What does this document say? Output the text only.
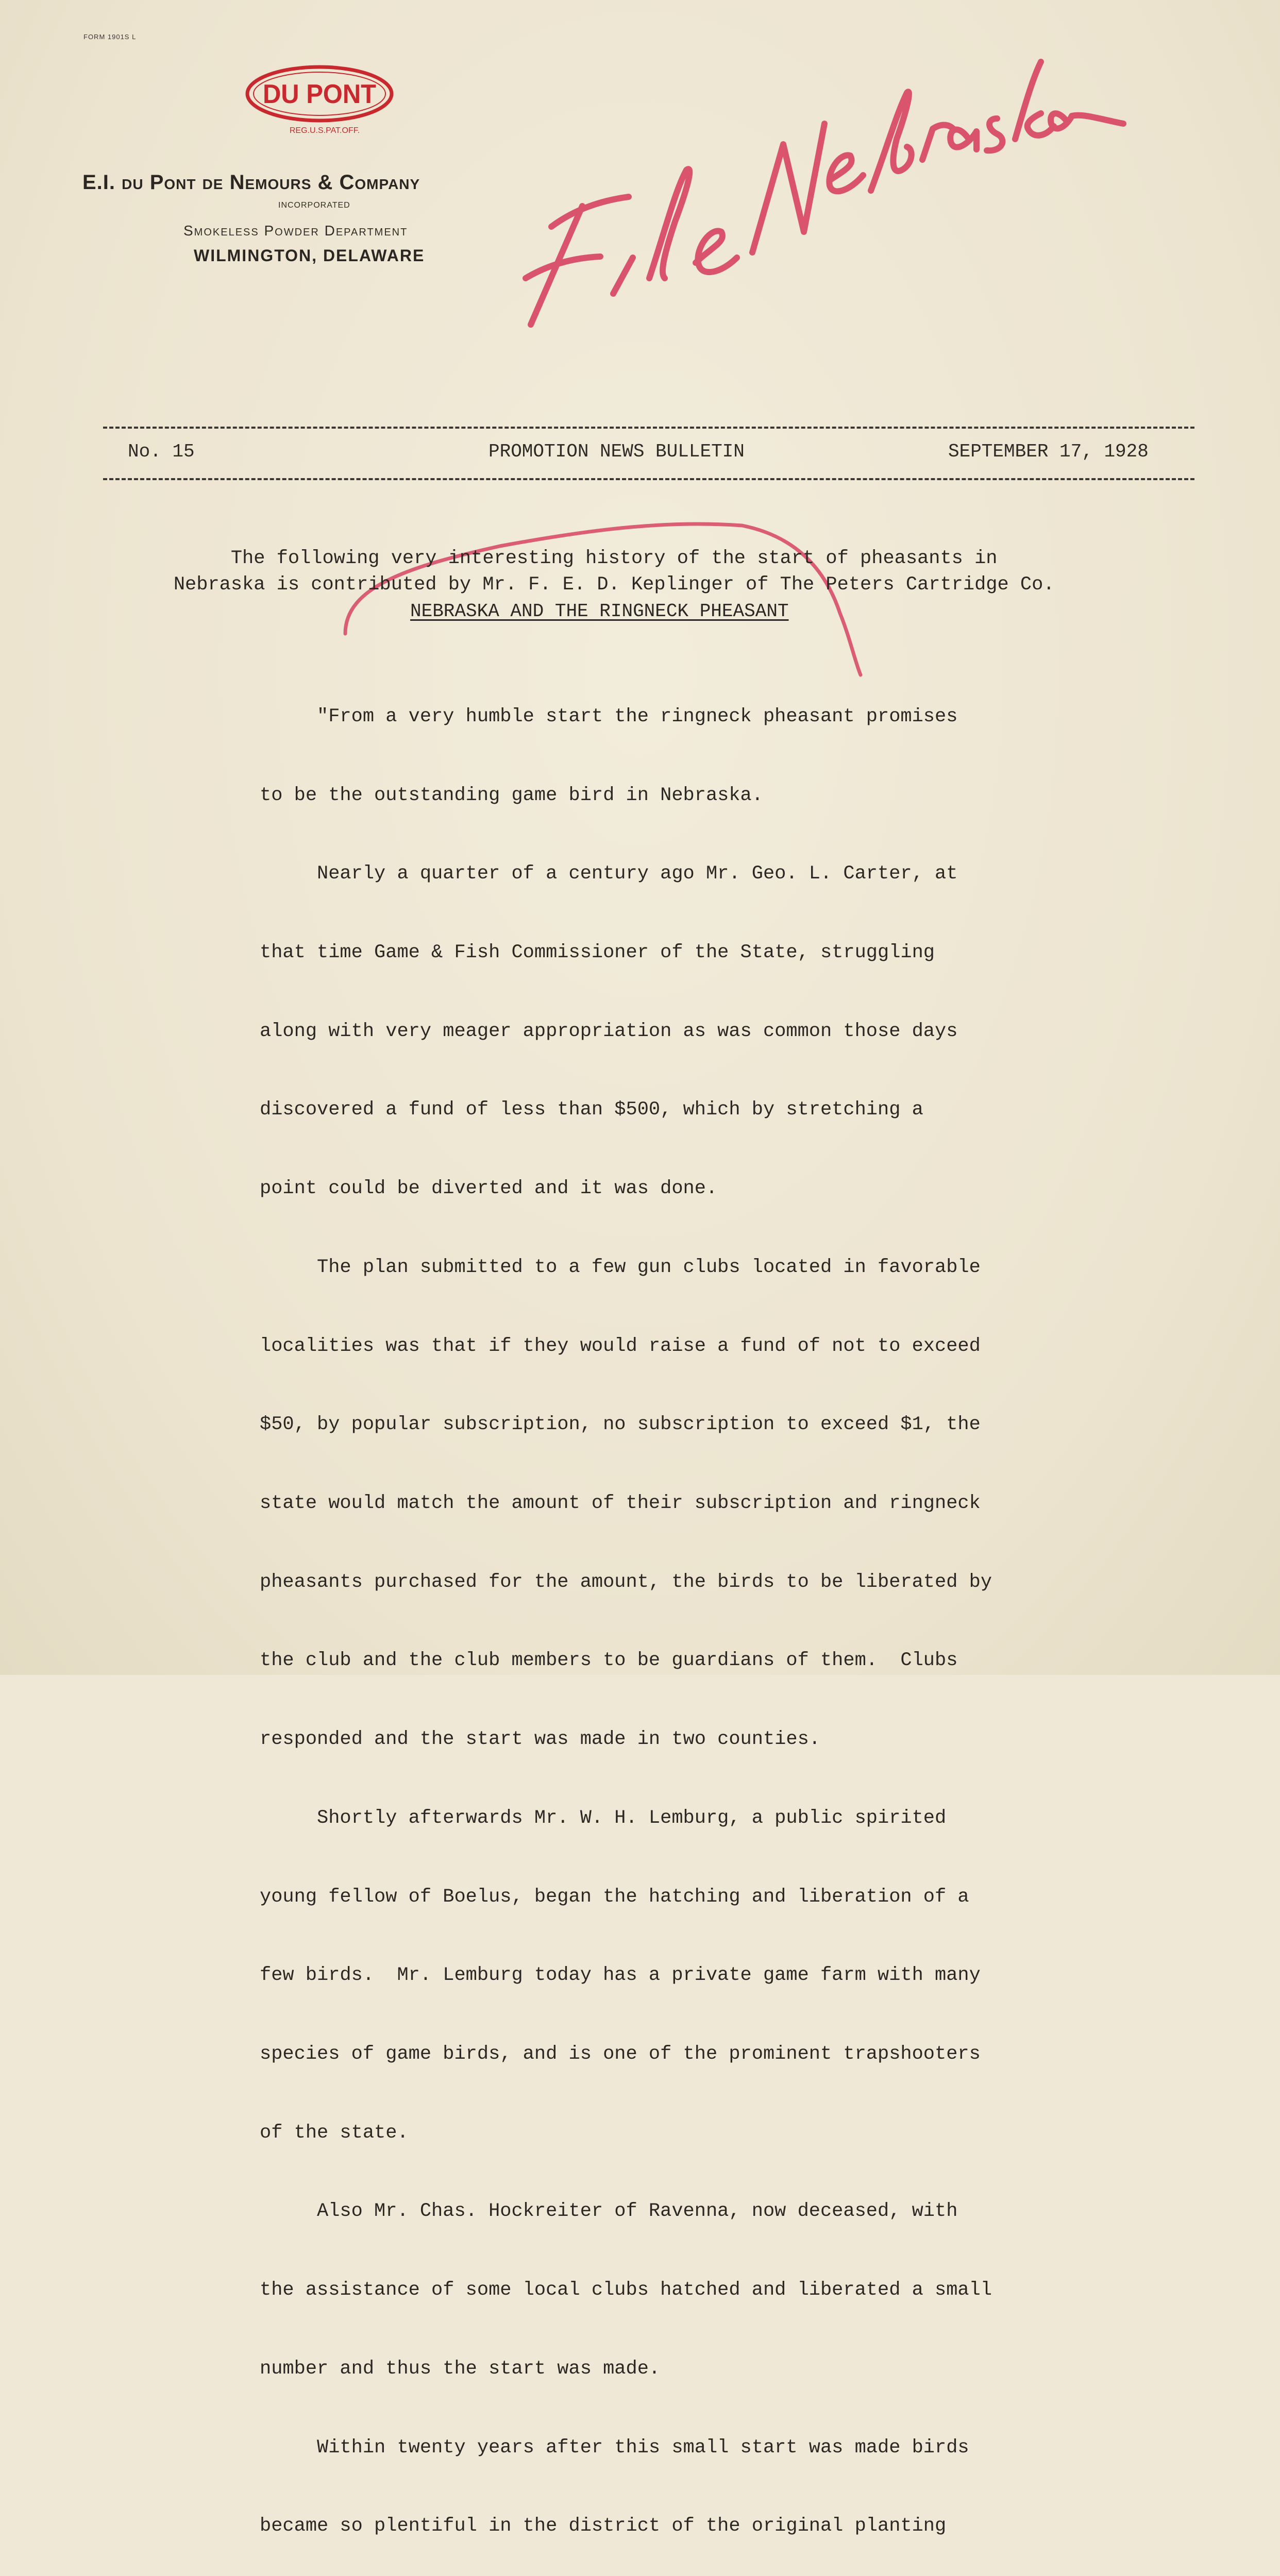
FORM 1901S L
DU PONT
REG.U.S.PAT.OFF.
E.I. du Pont de Nemours & Company
INCORPORATED
Smokeless Powder Department
WILMINGTON, DELAWARE
No. 15	PROMOTION NEWS BULLETIN	SEPTEMBER 17, 1928

The following very interesting history of the start of pheasants in
Nebraska is contributed by Mr. F. E. D. Keplinger of The Peters Cartridge Co.

NEBRASKA AND THE RINGNECK PHEASANT

"From a very humble start the ringneck pheasant promises

to be the outstanding game bird in Nebraska.

Nearly a quarter of a century ago Mr. Geo. L. Carter, at

that time Game & Fish Commissioner of the State, struggling

along with very meager appropriation as was common those days

discovered a fund of less than $500, which by stretching a

point could be diverted and it was done.

The plan submitted to a few gun clubs located in favorable

localities was that if they would raise a fund of not to exceed

$50, by popular subscription, no subscription to exceed $1, the

state would match the amount of their subscription and ringneck

pheasants purchased for the amount, the birds to be liberated by

the club and the club members to be guardians of them.  Clubs

responded and the start was made in two counties.

Shortly afterwards Mr. W. H. Lemburg, a public spirited

young fellow of Boelus, began the hatching and liberation of a

few birds.  Mr. Lemburg today has a private game farm with many

species of game birds, and is one of the prominent trapshooters

of the state.

Also Mr. Chas. Hockreiter of Ravenna, now deceased, with

the assistance of some local clubs hatched and liberated a small

number and thus the start was made.

Within twenty years after this small start was made birds

became so plentiful in the district of the original planting
